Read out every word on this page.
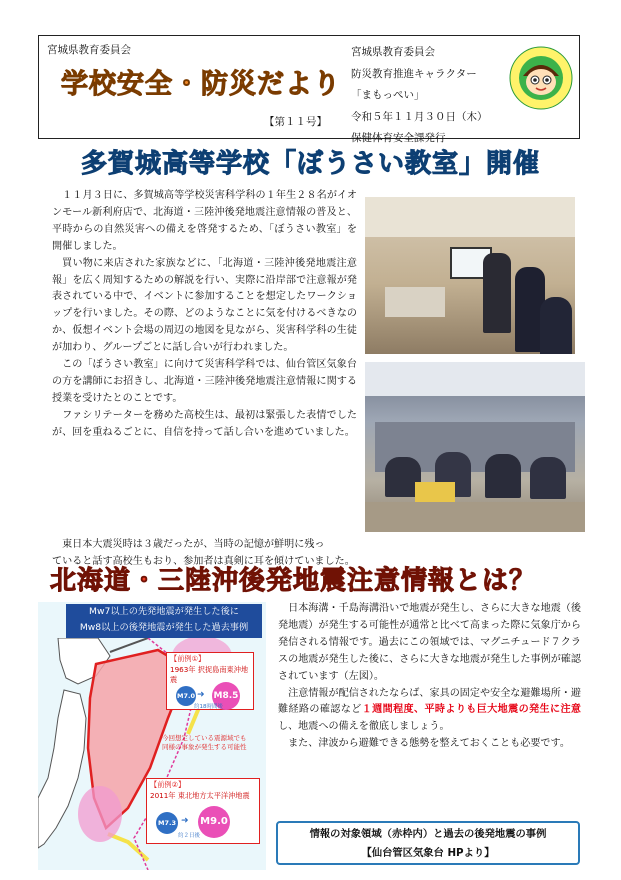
宮城県教育委員会
学校安全・防災だより
【第１１号】
宮城県教育委員会
防災教育推進キャラクター
「まもっぺい」
令和５年１１月３０日（木）
保健体育安全課発行
多賀城高等学校「ぼうさい教室」開催

１１月３日に、多賀城高等学校災害科学科の１年生２８名がイオンモール新利府店で、北海道・三陸沖後発地震注意情報の普及と、平時からの自然災害への備えを啓発するため、「ぼうさい教室」を開催しました。

買い物に来店された家族などに、「北海道・三陸沖後発地震注意報」を広く周知するための解説を行い、実際に沿岸部で注意報が発表されている中で、イベントに参加することを想定したワークショップを行いました。その際、どのようなことに気を付けるべきなのか、仮想イベント会場の周辺の地図を見ながら、災害科学科の生徒が加わり、グループごとに話し合いが行われました。

この「ぼうさい教室」に向けて災害科学科では、仙台管区気象台の方を講師にお招きし、北海道・三陸沖後発地震注意情報に関する授業を受けたとのことです。

ファシリテーターを務めた高校生は、最初は緊張した表情でしたが、回を重ねるごとに、自信を持って話し合いを進めていました。

東日本大震災時は３歳だったが、当時の記憶が鮮明に残っ
ていると話す高校生もおり、参加者は真剣に耳を傾けていました。
北海道・三陸沖後発地震注意情報とは？
Mw7以上の先発地震が発生した後に
Mw8以上の後発地震が発生した過去事例
【前例①】
1963年 択捉島南東沖地震
M7.0 ➜ M8.5
約18時間後
今回想定している震源域でも
同様の事象が発生する可能性
【前例②】
2011年 東北地方太平洋沖地震
M7.3 ➜ M9.0
約２日後

日本海溝・千島海溝沿いで地震が発生し、さらに大きな地震（後発地震）が発生する可能性が通常と比べて高まった際に気象庁から発信される情報です。過去にこの領域では、マグニチュード７クラスの地震が発生した後に、さらに大きな地震が発生した事例が確認されています（左図）。

注意情報が配信されたならば、家具の固定や安全な避難場所・避難経路の確認など１週間程度、平時よりも巨大地震の発生に注意し、地震への備えを徹底しましょう。

また、津波から避難できる態勢を整えておくことも必要です。

情報の対象領域（赤枠内）と過去の後発地震の事例
【仙台管区気象台 HPより】
